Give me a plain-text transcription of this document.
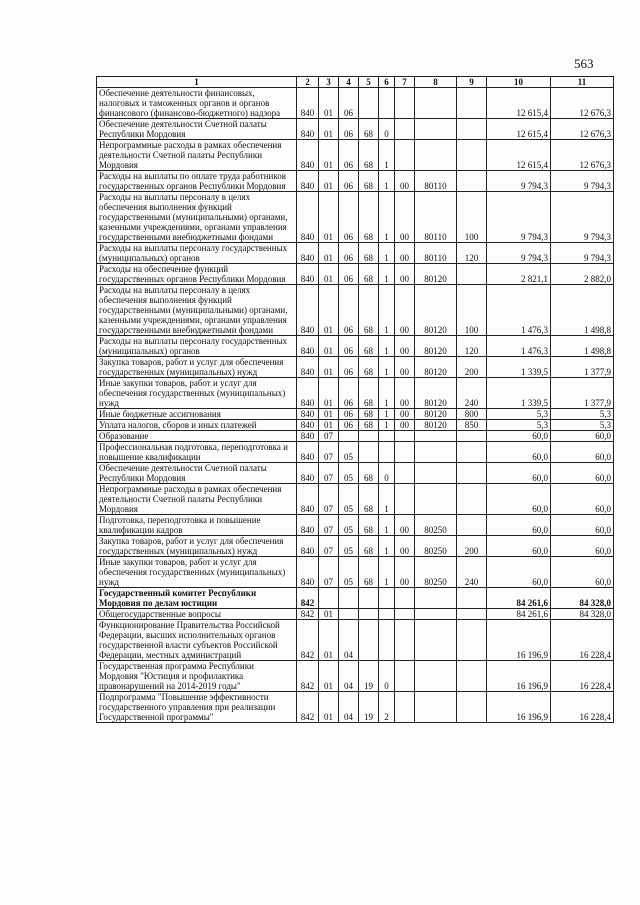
563
1	2	3	4	5	6	7	8	9	10	11
Обеспечение деятельности финансовых, налоговых и таможенных органов и органов финансового (финансово-бюджетного) надзора	840	01	06						12 615,4	12 676,3
Обеспечение деятельности Счетной палаты Республики Мордовия	840	01	06	68	0				12 615,4	12 676,3
Непрограммные расходы в рамках обеспечения деятельности Счетной палаты Республики Мордовия	840	01	06	68	1				12 615,4	12 676,3
Расходы на выплаты по оплате труда работников государственных органов Республики Мордовия	840	01	06	68	1	00	80110		9 794,3	9 794,3
Расходы на выплаты персоналу в целях обеспечения выполнения функций государственными (муниципальными) органами, казенными учреждениями, органами управления государственными внебюджетными фондами	840	01	06	68	1	00	80110	100	9 794,3	9 794,3
Расходы на выплаты персоналу государственных (муниципальных) органов	840	01	06	68	1	00	80110	120	9 794,3	9 794,3
Расходы на обеспечение функций государственных органов Республики Мордовия	840	01	06	68	1	00	80120		2 821,1	2 882,0
Расходы на выплаты персоналу в целях обеспечения выполнения функций государственными (муниципальными) органами, казенными учреждениями, органами управления государственными внебюджетными фондами	840	01	06	68	1	00	80120	100	1 476,3	1 498,8
Расходы на выплаты персоналу государственных (муниципальных) органов	840	01	06	68	1	00	80120	120	1 476,3	1 498,8
Закупка товаров, работ и услуг для обеспечения государственных (муниципальных) нужд	840	01	06	68	1	00	80120	200	1 339,5	1 377,9
Иные закупки товаров, работ и услуг для обеспечения государственных (муниципальных) нужд	840	01	06	68	1	00	80120	240	1 339,5	1 377,9
Иные бюджетные ассигнования	840	01	06	68	1	00	80120	800	5,3	5,3
Уплата налогов, сборов и иных платежей	840	01	06	68	1	00	80120	850	5,3	5,3
Образование	840	07							60,0	60,0
Профессиональная подготовка, переподготовка и повышение квалификации	840	07	05						60,0	60,0
Обеспечение деятельности Счетной палаты Республики Мордовия	840	07	05	68	0				60,0	60,0
Непрограммные расходы в рамках обеспечения деятельности Счетной палаты Республики Мордовия	840	07	05	68	1				60,0	60,0
Подготовка, переподготовка и повышение квалификации кадров	840	07	05	68	1	00	80250		60,0	60,0
Закупка товаров, работ и услуг для обеспечения государственных (муниципальных) нужд	840	07	05	68	1	00	80250	200	60,0	60,0
Иные закупки товаров, работ и услуг для обеспечения государственных (муниципальных) нужд	840	07	05	68	1	00	80250	240	60,0	60,0
Государственный комитет Республики Мордовия по делам юстиции	842								84 261,6	84 328,0
Общегосударственные вопросы	842	01							84 261,6	84 328,0
Функционирование Правительства Российской Федерации, высших исполнительных органов государственной власти субъектов Российской Федерации, местных администраций	842	01	04						16 196,9	16 228,4
Государственная программа Республики Мордовия "Юстиция и профилактика правонарушений на 2014-2019 годы"	842	01	04	19	0				16 196,9	16 228,4
Подпрограмма "Повышение эффективности государственного управления при реализации Государственной программы"	842	01	04	19	2				16 196,9	16 228,4
